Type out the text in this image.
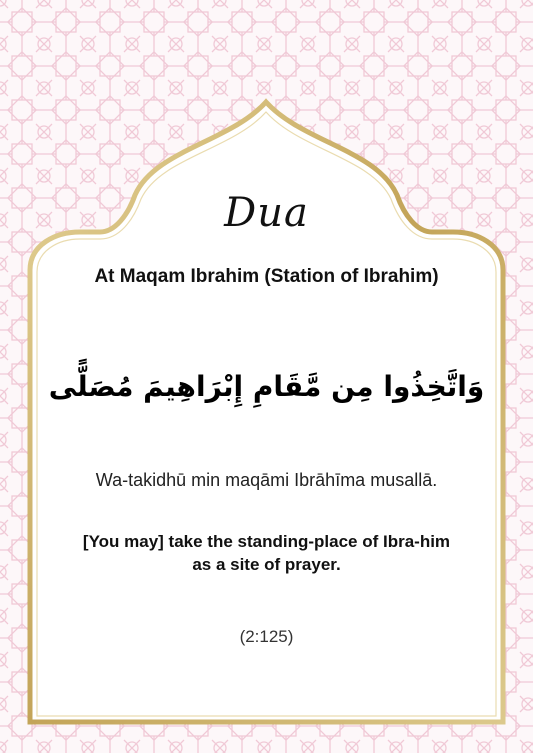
Dua
At Maqam Ibrahim (Station of Ibrahim)
وَاتَّخِذُوا مِن مَّقَامِ إِبْرَاهِيمَ مُصَلًّى
Wa-takidhū min maqāmi Ibrāhīma musallā.
[You may] take the standing-place of Ibra-him as a site of prayer.
(2:125)
